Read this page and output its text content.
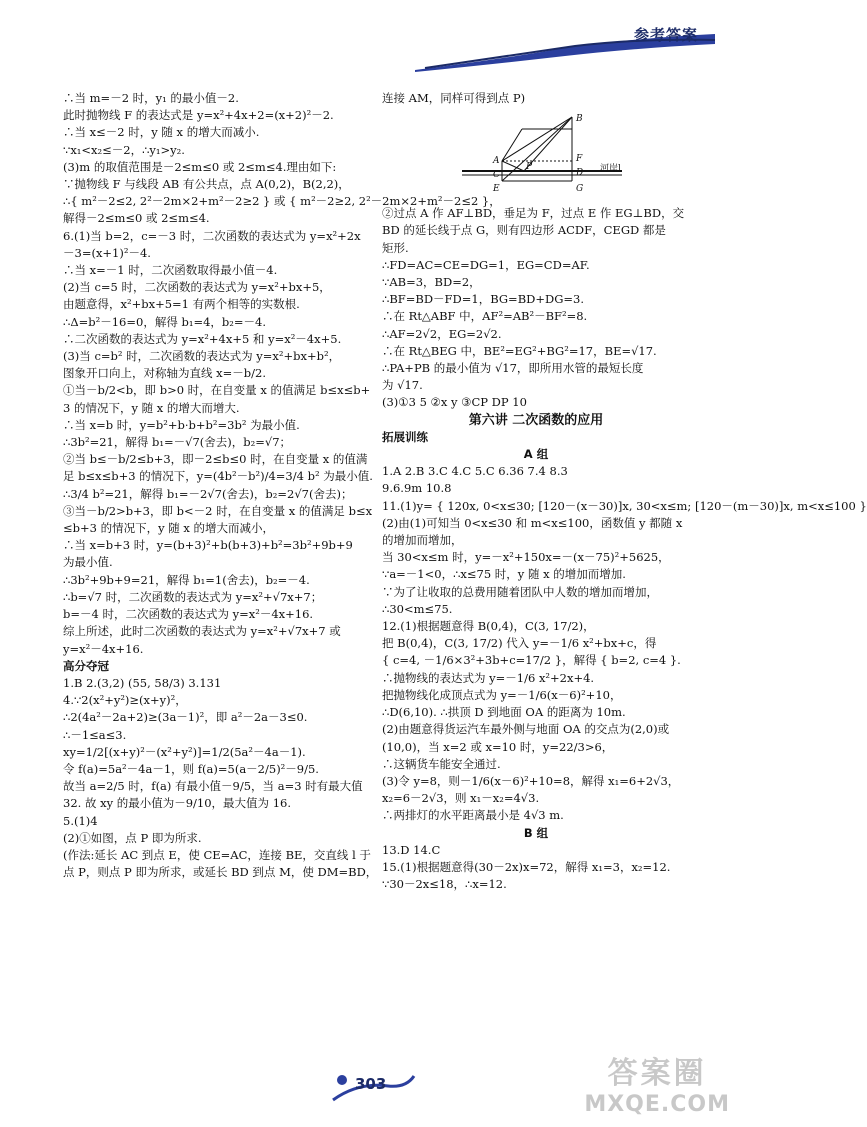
参考答案
∴当 m=－2 时，y₁ 的最小值－2.
此时抛物线 F 的表达式是 y=x²+4x+2=(x+2)²－2.
∴当 x≤－2 时，y 随 x 的增大而减小.
∵x₁<x₂≤－2，∴y₁>y₂.
(3)m 的取值范围是－2≤m≤0 或 2≤m≤4.理由如下:
∵抛物线 F 与线段 AB 有公共点，点 A(0,2)，B(2,2)，
∴{ m²－2≤2, 2²－2m×2+m²－2≥2 } 或 { m²－2≥2, 2²－2m×2+m²－2≤2 }，
解得－2≤m≤0 或 2≤m≤4.
6.(1)当 b=2，c=－3 时，二次函数的表达式为 y=x²+2x
－3=(x+1)²－4.
∴当 x=－1 时，二次函数取得最小值－4.
(2)当 c=5 时，二次函数的表达式为 y=x²+bx+5，
由题意得，x²+bx+5=1 有两个相等的实数根.
∴Δ=b²－16=0，解得 b₁=4，b₂=－4.
∴二次函数的表达式为 y=x²+4x+5 和 y=x²－4x+5.
(3)当 c=b² 时，二次函数的表达式为 y=x²+bx+b²，
图象开口向上，对称轴为直线 x=－b/2.
①当－b/2<b，即 b>0 时，在自变量 x 的值满足 b≤x≤b+
3 的情况下，y 随 x 的增大而增大.
∴当 x=b 时，y=b²+b·b+b²=3b² 为最小值.
∴3b²=21，解得 b₁=－√7(舍去)，b₂=√7；
②当 b≤－b/2≤b+3，即－2≤b≤0 时，在自变量 x 的值满
足 b≤x≤b+3 的情况下，y=(4b²－b²)/4=3/4 b² 为最小值.
∴3/4 b²=21，解得 b₁=－2√7(舍去)，b₂=2√7(舍去)；
③当－b/2>b+3，即 b<－2 时，在自变量 x 的值满足 b≤x
≤b+3 的情况下，y 随 x 的增大而减小，
∴当 x=b+3 时，y=(b+3)²+b(b+3)+b²=3b²+9b+9
为最小值.
∴3b²+9b+9=21，解得 b₁=1(舍去)，b₂=－4.
∴b=√7 时，二次函数的表达式为 y=x²+√7x+7；
b=－4 时，二次函数的表达式为 y=x²－4x+16.
综上所述，此时二次函数的表达式为 y=x²+√7x+7 或
y=x²－4x+16.
高分夺冠
1.B 2.(3,2) (55, 58/3) 3.131
4.∵2(x²+y²)≥(x+y)²，
∴2(4a²－2a+2)≥(3a－1)²，即 a²－2a－3≤0.
∴－1≤a≤3.
xy=1/2[(x+y)²－(x²+y²)]=1/2(5a²－4a－1).
令 f(a)=5a²－4a－1，则 f(a)=5(a－2/5)²－9/5.
故当 a=2/5 时，f(a) 有最小值－9/5，当 a=3 时有最大值
32. 故 xy 的最小值为－9/10，最大值为 16.
5.(1)4
(2)①如图，点 P 即为所求.
(作法:延长 AC 到点 E，使 CE=AC，连接 BE，交直线 l 于
点 P，则点 P 即为所求，或延长 BD 到点 M，使 DM=BD，
连接 AM，同样可得到点 P)
A
B
C	D
E
F
G
P	河岸l
②过点 A 作 AF⊥BD，垂足为 F，过点 E 作 EG⊥BD，交
BD 的延长线于点 G，则有四边形 ACDF，CEGD 都是
矩形.
∴FD=AC=CE=DG=1，EG=CD=AF.
∵AB=3，BD=2，
∴BF=BD－FD=1，BG=BD+DG=3.
∴在 Rt△ABF 中，AF²=AB²－BF²=8.
∴AF=2√2，EG=2√2.
∴在 Rt△BEG 中，BE²=EG²+BG²=17，BE=√17.
∴PA+PB 的最小值为 √17，即所用水管的最短长度
为 √17.
(3)①3 5 ②x y ③CP DP 10
第六讲 二次函数的应用
拓展训练
A 组
1.A 2.B 3.C 4.C 5.C 6.36 7.4 8.3
9.6.9m 10.8
11.(1)y= { 120x, 0<x≤30; [120－(x－30)]x, 30<x≤m; [120－(m－30)]x, m<x≤100 }
(2)由(1)可知当 0<x≤30 和 m<x≤100，函数值 y 都随 x
的增加而增加，
当 30<x≤m 时，y=－x²+150x=－(x－75)²+5625，
∵a=－1<0，∴x≤75 时，y 随 x 的增加而增加.
∵为了让收取的总费用随着团队中人数的增加而增加，
∴30<m≤75.
12.(1)根据题意得 B(0,4)，C(3, 17/2)，
把 B(0,4)，C(3, 17/2) 代入 y=－1/6 x²+bx+c，得
{ c=4, －1/6×3²+3b+c=17/2 }，解得 { b=2, c=4 }.
∴抛物线的表达式为 y=－1/6 x²+2x+4.
把抛物线化成顶点式为 y=－1/6(x－6)²+10，
∴D(6,10). ∴拱顶 D 到地面 OA 的距离为 10m.
(2)由题意得货运汽车最外侧与地面 OA 的交点为(2,0)或
(10,0)，当 x=2 或 x=10 时，y=22/3>6，
∴这辆货车能安全通过.
(3)令 y=8，则－1/6(x－6)²+10=8，解得 x₁=6+2√3，
x₂=6－2√3，则 x₁－x₂=4√3.
∴两排灯的水平距离最小是 4√3 m.
B 组
13.D 14.C
15.(1)根据题意得(30－2x)x=72，解得 x₁=3，x₂=12.
∵30－2x≤18，∴x=12.
303	答案圈
MXQE.COM
